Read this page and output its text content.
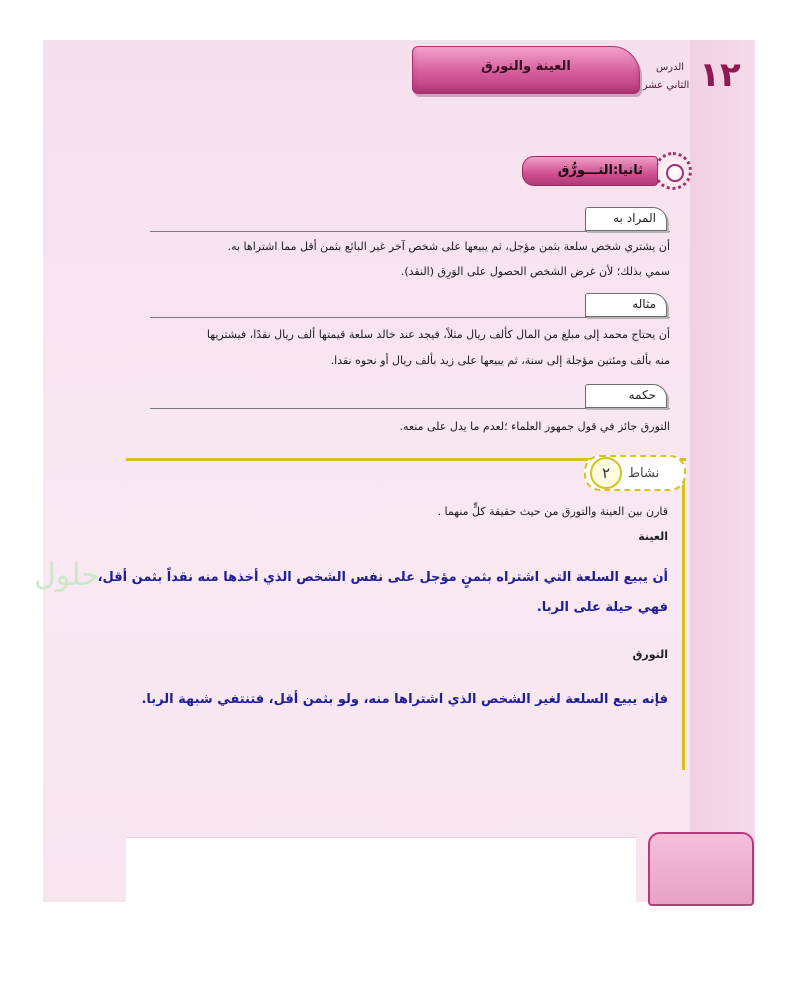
١٢
الدرس
الثاني عشر
العينة والتورق
ثانيا:التـــورُّق
المراد به
أن يشتري شخص سلعة بثمن مؤجل، ثم يبيعها على شخص آخر غير البائع بثمن أقل مما اشتراها به.
سمي بذلك؛ لأن غرض الشخص الحصول على الوَرِق (النقد).
مثاله
أن يحتاج محمد إلى مبلغ من المال كألف ريال مثلاً، فيجد عند خالد سلعة قيمتها ألف ريال نقدًا، فيشتريها
منه بألف ومئتين مؤجلة إلى سنة، ثم يبيعها على زيد بألف ريال أو نحوه نقدا.
حكمه
التورق جائز في قول جمهور العلماء ؛لعدم ما يدل على منعه.
نشاط
٢
قارن بين العينة والتورق من حيث حقيقة كلٍّ منهما .
العينة
حلول
أن يبيع السلعة التي اشتراه بثمنٍ مؤجل على نفس الشخص الذي أخذها منه نقداً بثمن أقل،
فهي حيلة على الربا.
التورق
فإنه يبيع السلعة لغير الشخص الذي اشتراها منه، ولو بثمن أقل، فتنتفي شبهة الربا.
